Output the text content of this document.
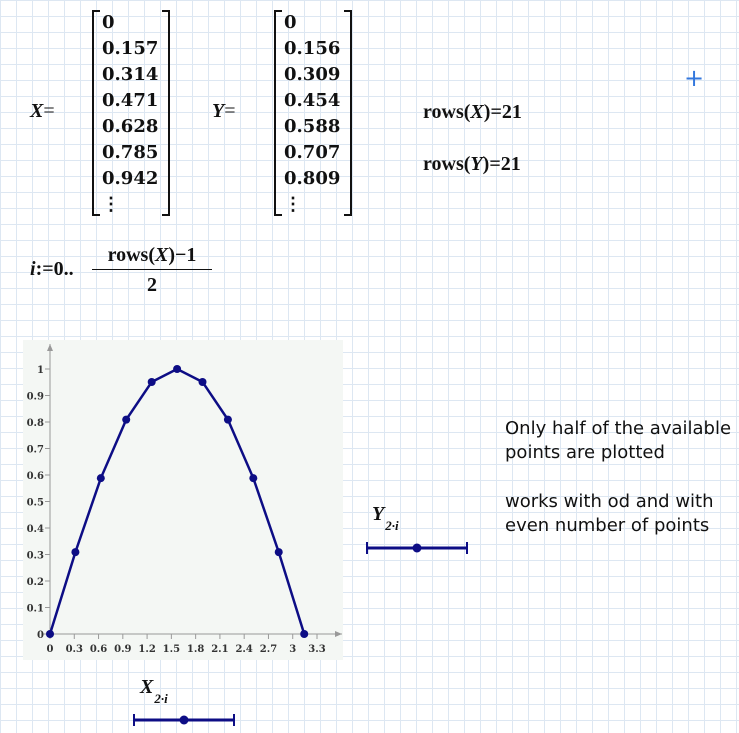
X=
0
0.157
0.314
0.471
0.628
0.785
0.942
⋮
Y=
0
0.156
0.309
0.454
0.588
0.707
0.809
⋮
rows(X)=21
rows(Y)=21
+
i:=0..
rows(X)−1
2
0 0.3 0.6 0.9 1.2 1.5 1.8 2.1 2.4 2.7 3 3.3
0
0.1
0.2
0.3
0.4
0.5
0.6
0.7
0.8
0.9
1
Only half of the available
points are plotted
works with od and with
even number of points
Y $_{2\cdot i}$
X $_{2\cdot i}$
